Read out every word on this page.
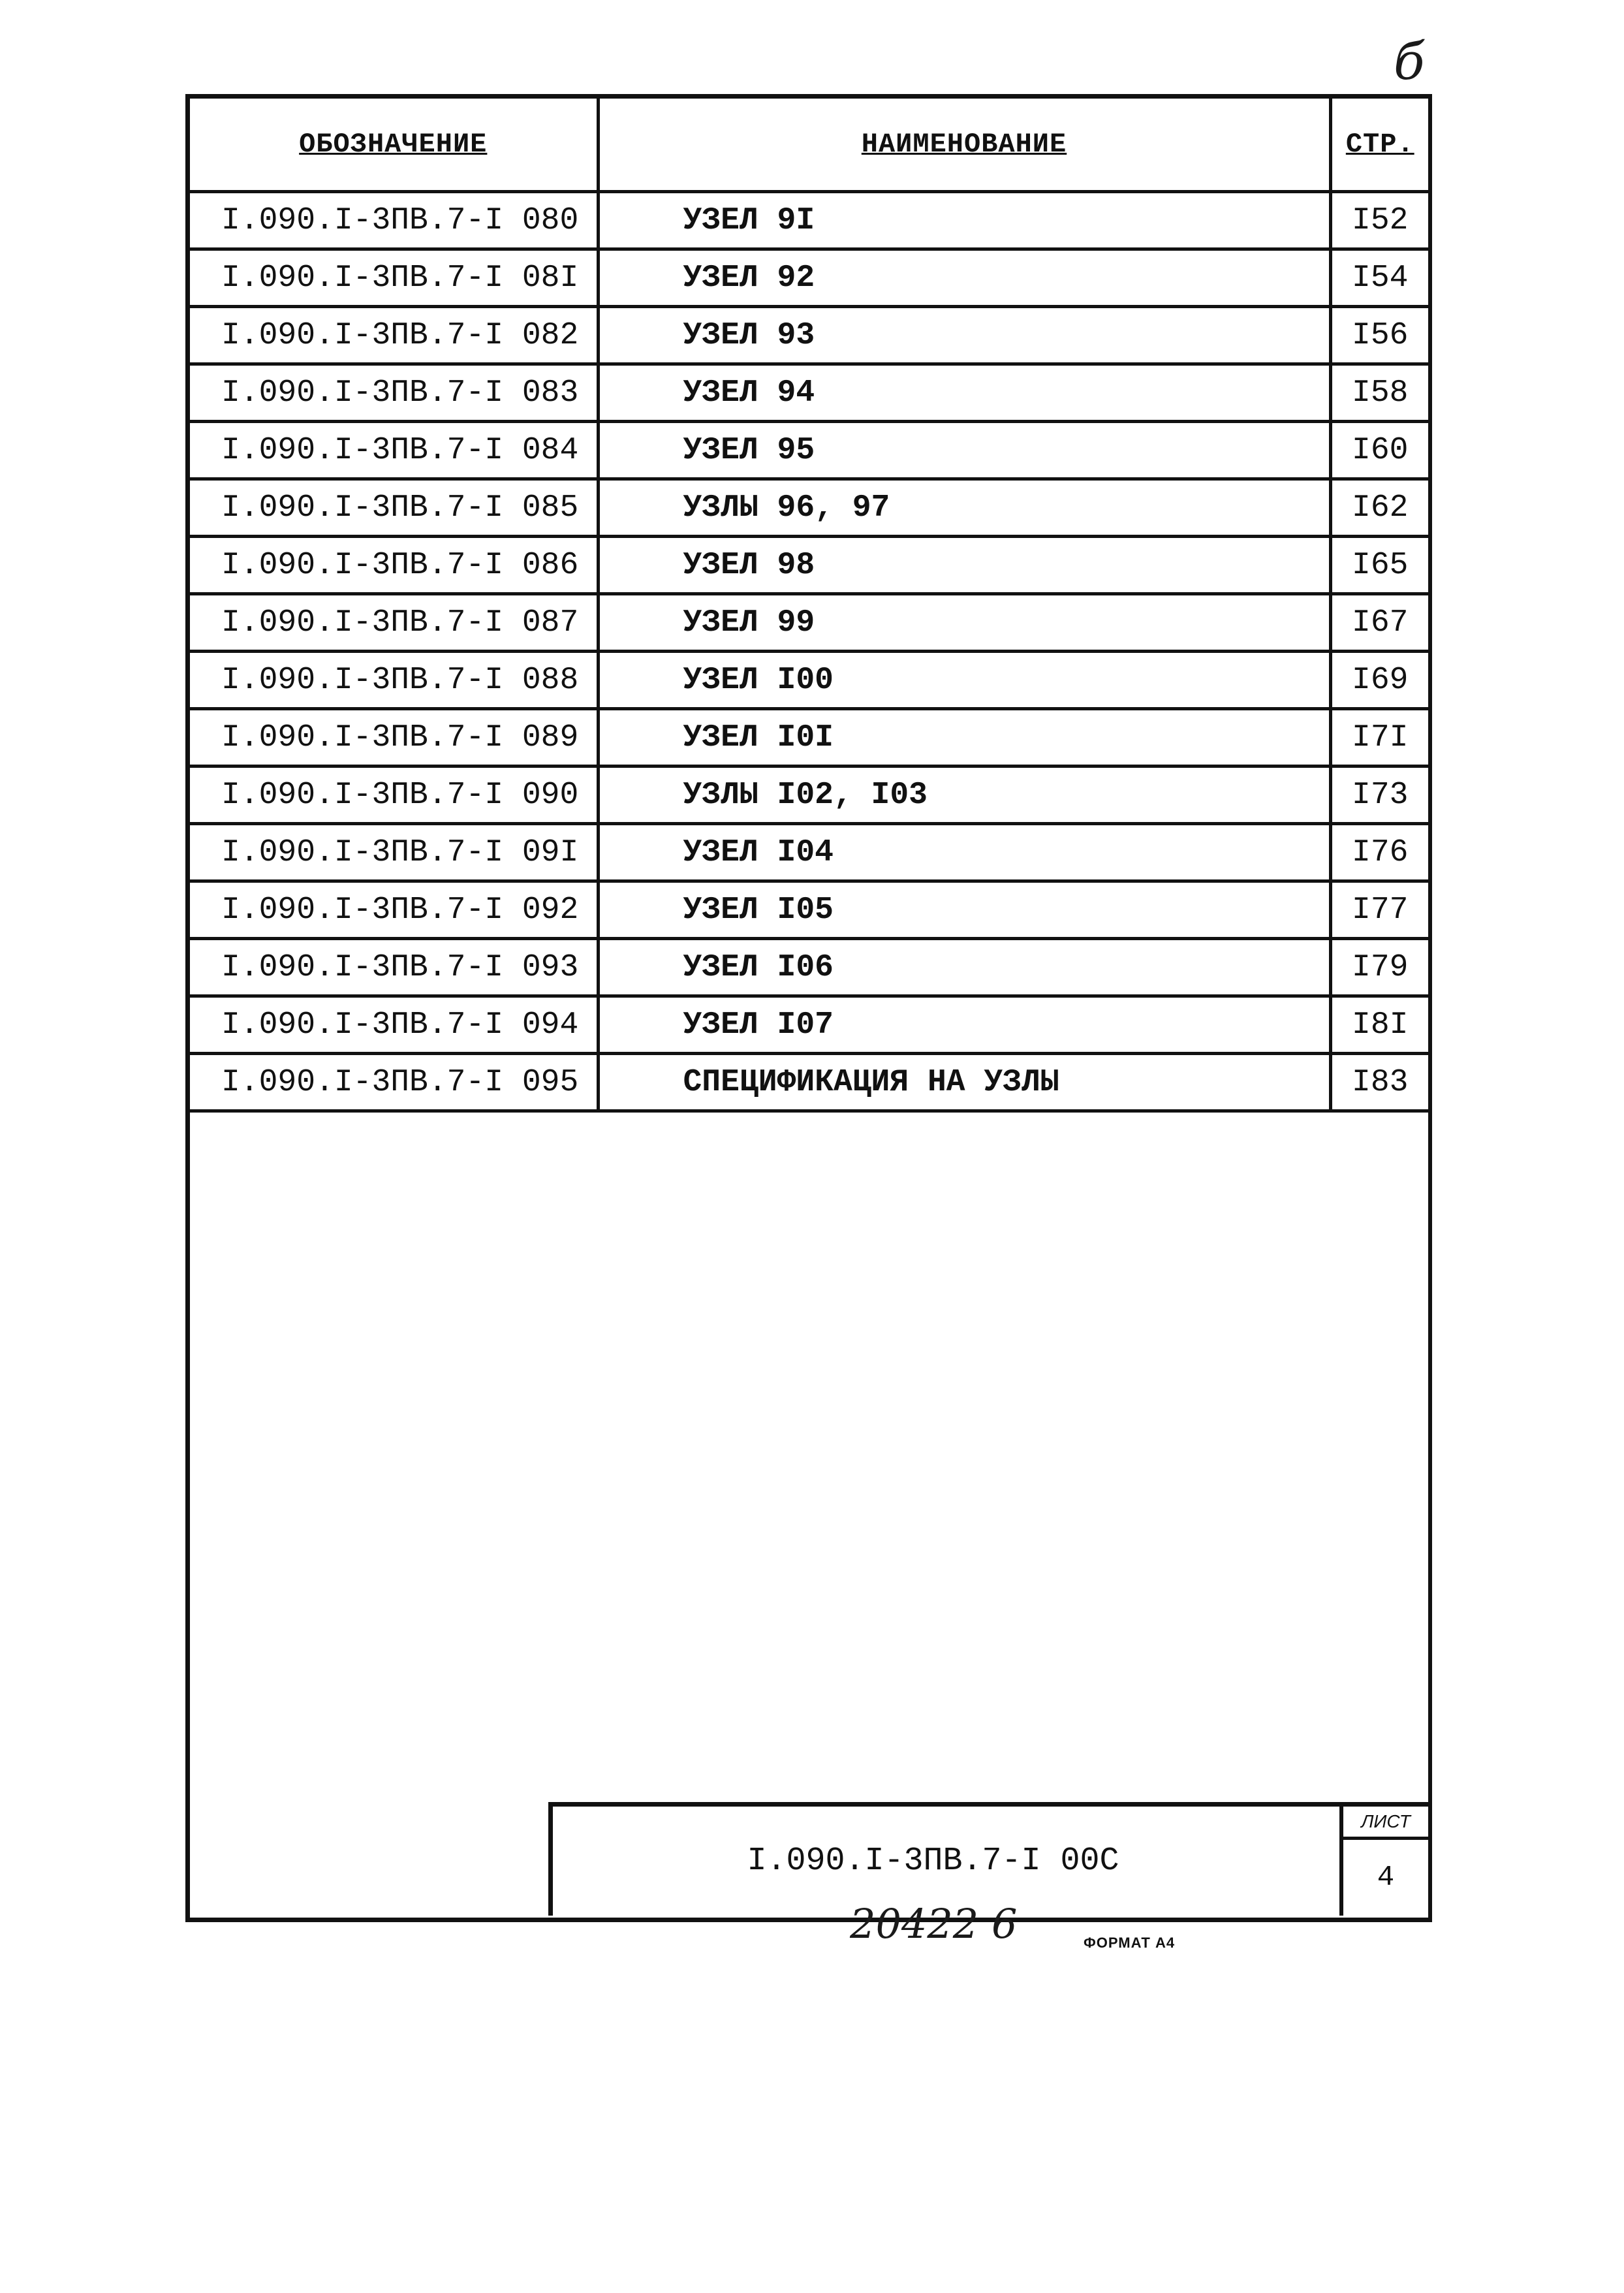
б
ОБОЗНАЧЕНИЕ	НАИМЕНОВАНИЕ	СТР.
I.090.I-3ПВ.7-I 080	УЗЕЛ 9I	I52
I.090.I-3ПВ.7-I 08I	УЗЕЛ 92	I54
I.090.I-3ПВ.7-I 082	УЗЕЛ 93	I56
I.090.I-3ПВ.7-I 083	УЗЕЛ 94	I58
I.090.I-3ПВ.7-I 084	УЗЕЛ 95	I60
I.090.I-3ПВ.7-I 085	УЗЛЫ 96, 97	I62
I.090.I-3ПВ.7-I 086	УЗЕЛ 98	I65
I.090.I-3ПВ.7-I 087	УЗЕЛ 99	I67
I.090.I-3ПВ.7-I 088	УЗЕЛ I00	I69
I.090.I-3ПВ.7-I 089	УЗЕЛ I0I	I7I
I.090.I-3ПВ.7-I 090	УЗЛЫ I02, I03	I73
I.090.I-3ПВ.7-I 09I	УЗЕЛ I04	I76
I.090.I-3ПВ.7-I 092	УЗЕЛ I05	I77
I.090.I-3ПВ.7-I 093	УЗЕЛ I06	I79
I.090.I-3ПВ.7-I 094	УЗЕЛ I07	I8I
I.090.I-3ПВ.7-I 095	СПЕЦИФИКАЦИЯ НА УЗЛЫ	I83
I.090.I-3ПВ.7-I 00С
ЛИСТ
4
20422 6	ФОРМАТ А4
